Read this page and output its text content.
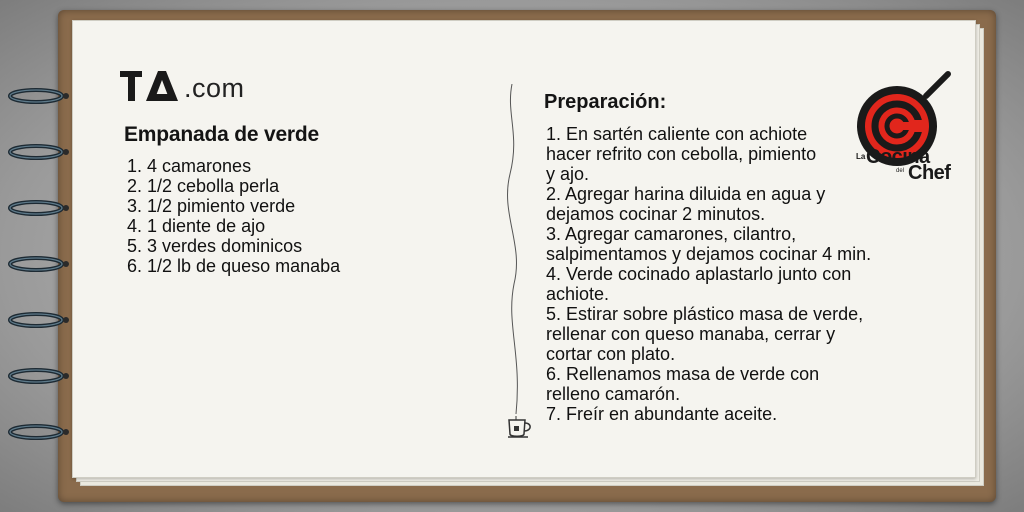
.com
Empanada de verde
1. 4 camarones
2. 1/2 cebolla perla
3. 1/2 pimiento verde
4. 1 diente de ajo
5. 3 verdes dominicos
6. 1/2 lb de queso manaba
Preparación:

1. En sartén caliente con achiote

hacer refrito con cebolla, pimiento

y ajo.

2. Agregar harina diluida en agua y

dejamos cocinar 2 minutos.

3. Agregar camarones, cilantro,

salpimentamos y dejamos cocinar 4 min.

4. Verde cocinado aplastarlo junto con

achiote.

5. Estirar sobre plástico masa de verde,

rellenar con queso manaba, cerrar y

cortar con plato.

6. Rellenamos masa de verde con

relleno camarón.

7. Freír en abundante aceite.

La Cocina
del Chef
